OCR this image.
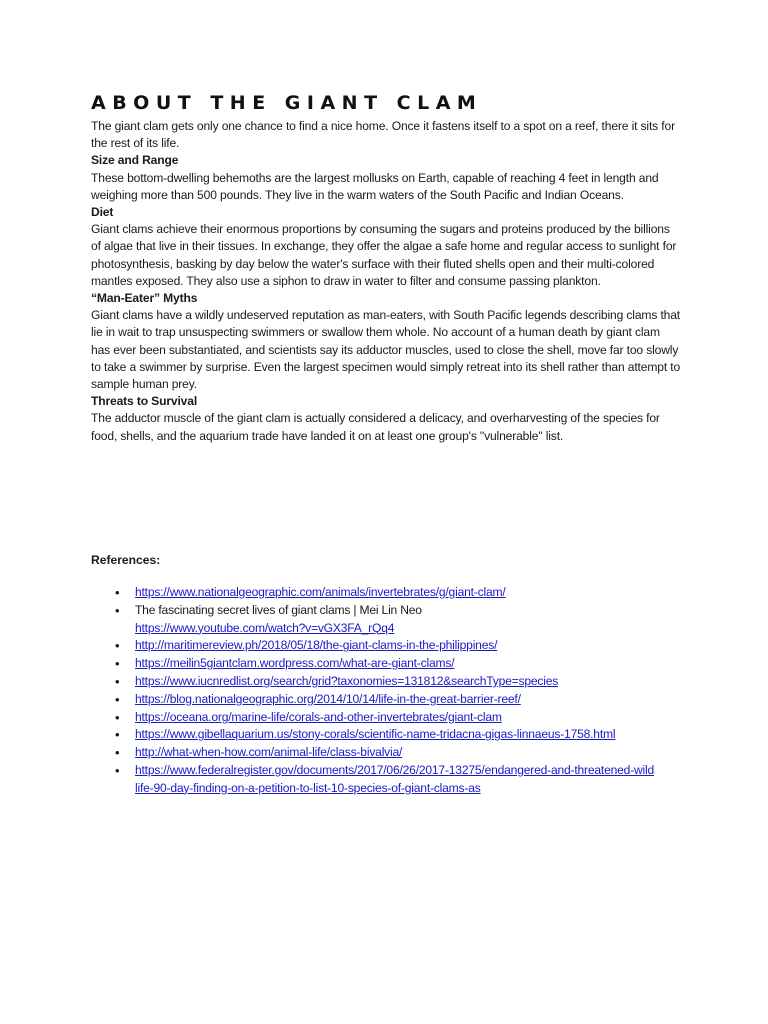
ABOUT THE GIANT CLAM

The giant clam gets only one chance to find a nice home. Once it fastens itself to a spot on a reef, there it sits for the rest of its life.

Size and Range

These bottom-dwelling behemoths are the largest mollusks on Earth, capable of reaching 4 feet in length and weighing more than 500 pounds. They live in the warm waters of the South Pacific and Indian Oceans.

Diet

Giant clams achieve their enormous proportions by consuming the sugars and proteins produced by the billions of algae that live in their tissues. In exchange, they offer the algae a safe home and regular access to sunlight for photosynthesis, basking by day below the water's surface with their fluted shells open and their multi-colored mantles exposed. They also use a siphon to draw in water to filter and consume passing plankton.

“Man-Eater” Myths

Giant clams have a wildly undeserved reputation as man-eaters, with South Pacific legends describing clams that lie in wait to trap unsuspecting swimmers or swallow them whole. No account of a human death by giant clam has ever been substantiated, and scientists say its adductor muscles, used to close the shell, move far too slowly to take a swimmer by surprise. Even the largest specimen would simply retreat into its shell rather than attempt to sample human prey.

Threats to Survival

The adductor muscle of the giant clam is actually considered a delicacy, and overharvesting of the species for food, shells, and the aquarium trade have landed it on at least one group's "vulnerable" list.

References:
• https://www.nationalgeographic.com/animals/invertebrates/g/giant-clam/
• The fascinating secret lives of giant clams | Mei Lin Neo
https://www.youtube.com/watch?v=vGX3FA_rQq4
• http://maritimereview.ph/2018/05/18/the-giant-clams-in-the-philippines/
• https://meilin5giantclam.wordpress.com/what-are-giant-clams/
• https://www.iucnredlist.org/search/grid?taxonomies=131812&searchType=species
• https://blog.nationalgeographic.org/2014/10/14/life-in-the-great-barrier-reef/
• https://oceana.org/marine-life/corals-and-other-invertebrates/giant-clam
• https://www.gibellaquarium.us/stony-corals/scientific-name-tridacna-gigas-linnaeus-1758.html
• http://what-when-how.com/animal-life/class-bivalvia/
• https://www.federalregister.gov/documents/2017/06/26/2017-13275/endangered-and-threatened-wildlife-90-day-finding-on-a-petition-to-list-10-species-of-giant-clams-as
